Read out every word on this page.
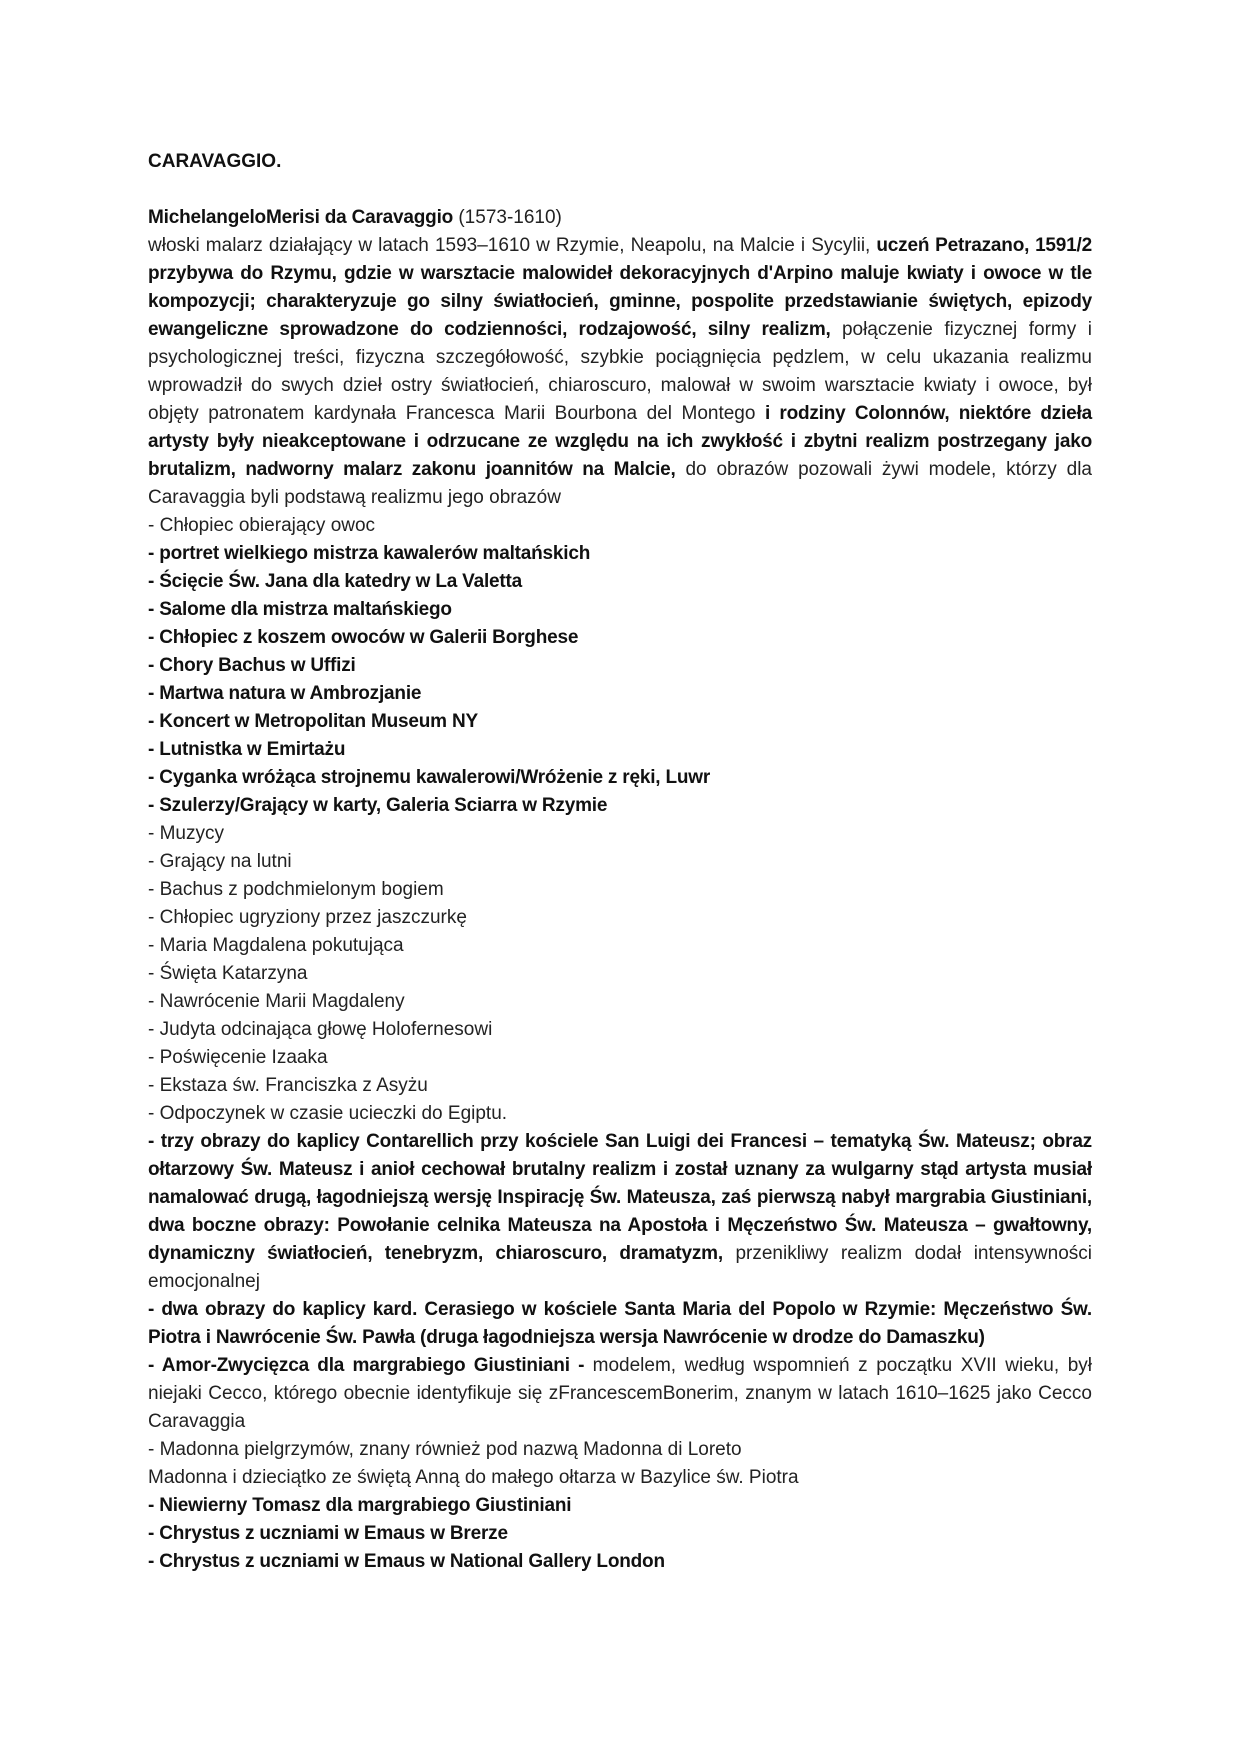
CARAVAGGIO.

MichelangeloMerisi da Caravaggio (1573-1610)

włoski malarz działający w latach 1593–1610 w Rzymie, Neapolu, na Malcie i Sycylii, uczeń Petrazano, 1591/2 przybywa do Rzymu, gdzie w warsztacie malowideł dekoracyjnych d'Arpino maluje kwiaty i owoce w tle kompozycji; charakteryzuje go silny światłocień, gminne, pospolite przedstawianie świętych, epizody ewangeliczne sprowadzone do codzienności, rodzajowość, silny realizm, połączenie fizycznej formy i psychologicznej treści, fizyczna szczegółowość, szybkie pociągnięcia pędzlem, w celu ukazania realizmu wprowadził do swych dzieł ostry światłocień, chiaroscuro, malował w swoim warsztacie kwiaty i owoce, był objęty patronatem kardynała Francesca Marii Bourbona del Montego i rodziny Colonnów, niektóre dzieła artysty były nieakceptowane i odrzucane ze względu na ich zwykłość i zbytni realizm postrzegany jako brutalizm, nadworny malarz zakonu joannitów na Malcie, do obrazów pozowali żywi modele, którzy dla Caravaggia byli podstawą realizmu jego obrazów

- Chłopiec obierający owoc

- portret wielkiego mistrza kawalerów maltańskich

- Ścięcie Św. Jana dla katedry w La Valetta

- Salome dla mistrza maltańskiego

- Chłopiec z koszem owoców w Galerii Borghese

- Chory Bachus w Uffizi

- Martwa natura w Ambrozjanie

- Koncert w Metropolitan Museum NY

- Lutnistka w Emirtażu

- Cyganka wróżąca strojnemu kawalerowi/Wróżenie z ręki, Luwr

- Szulerzy/Grający w karty, Galeria Sciarra w Rzymie

- Muzycy

- Grający na lutni

- Bachus z podchmielonym bogiem

- Chłopiec ugryziony przez jaszczurkę

- Maria Magdalena pokutująca

- Święta Katarzyna

- Nawrócenie Marii Magdaleny

- Judyta odcinająca głowę Holofernesowi

- Poświęcenie Izaaka

- Ekstaza św. Franciszka z Asyżu

- Odpoczynek w czasie ucieczki do Egiptu.

- trzy obrazy do kaplicy Contarellich przy kościele San Luigi dei Francesi – tematyką Św. Mateusz; obraz ołtarzowy Św. Mateusz i anioł cechował brutalny realizm i został uznany za wulgarny stąd artysta musiał namalować drugą, łagodniejszą wersję Inspirację Św. Mateusza, zaś pierwszą nabył margrabia Giustiniani, dwa boczne obrazy: Powołanie celnika Mateusza na Apostoła i Męczeństwo Św. Mateusza – gwałtowny, dynamiczny światłocień, tenebryzm, chiaroscuro, dramatyzm, przenikliwy realizm dodał intensywności emocjonalnej

- dwa obrazy do kaplicy kard. Cerasiego w kościele Santa Maria del Popolo w Rzymie: Męczeństwo Św. Piotra i Nawrócenie Św. Pawła (druga łagodniejsza wersja Nawrócenie w drodze do Damaszku)

- Amor-Zwycięzca dla margrabiego Giustiniani - modelem, według wspomnień z początku XVII wieku, był niejaki Cecco, którego obecnie identyfikuje się zFrancescemBonerim, znanym w latach 1610–1625 jako Cecco Caravaggia

- Madonna pielgrzymów, znany również pod nazwą Madonna di Loreto

Madonna i dzieciątko ze świętą Anną do małego ołtarza w Bazylice św. Piotra

- Niewierny Tomasz dla margrabiego Giustiniani

- Chrystus z uczniami w Emaus w Brerze

- Chrystus z uczniami w Emaus w National Gallery London
